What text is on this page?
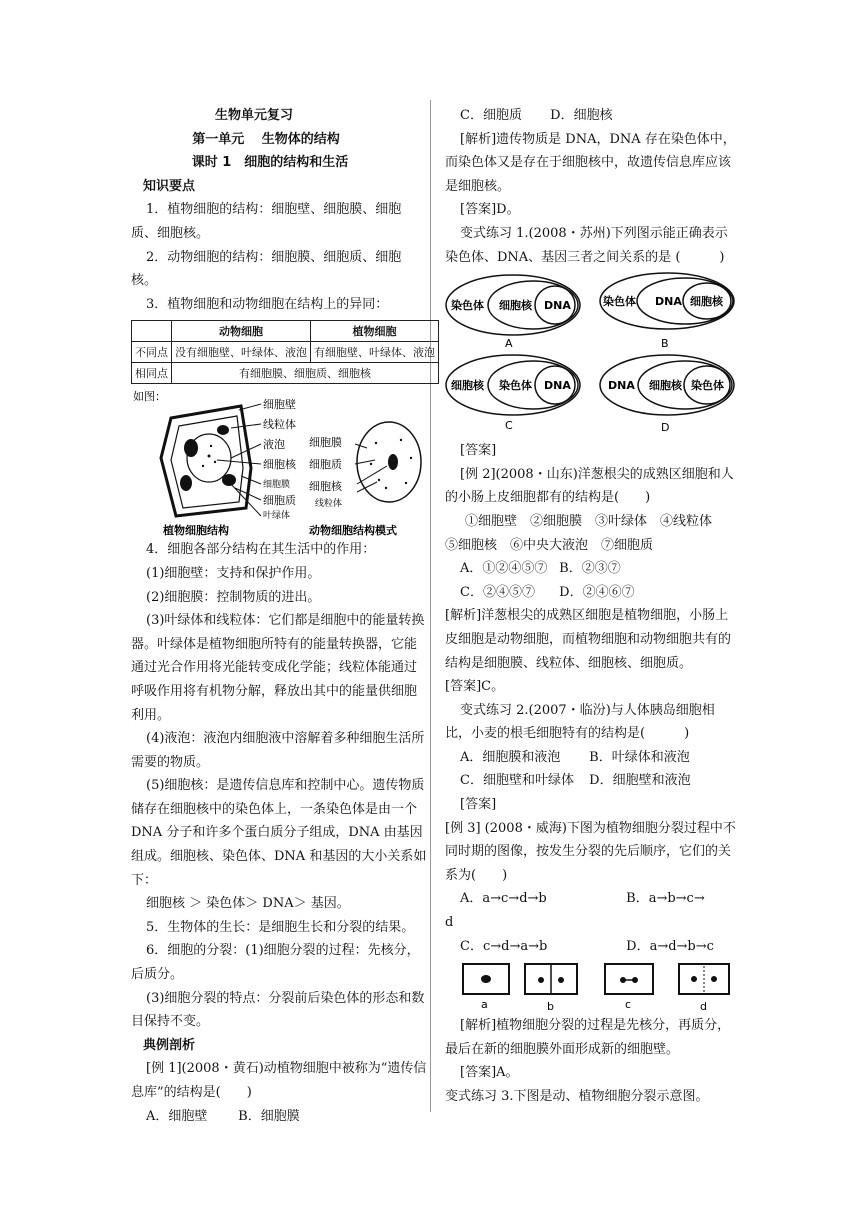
生物单元复习

第一单元　 生物体的结构

课时 1　细胞的结构和生活

知识要点

1．植物细胞的结构：细胞壁、细胞膜、细胞质、细胞核。

2．动物细胞的结构：细胞膜、细胞质、细胞核。

3．植物细胞和动物细胞在结构上的异同：

	动物细胞	植物细胞
不同点	没有细胞壁、叶绿体、液泡	有细胞壁、叶绿体、液泡
相同点	有细胞膜、细胞质、细胞核	
如图：
细胞壁
线粒体
液泡
细胞核
细胞膜
细胞质
叶绿体
植物细胞结构
细胞膜
细胞质
细胞核
线粒体
动物细胞结构模式

4．细胞各部分结构在其生活中的作用：

(1)细胞壁：支持和保护作用。

(2)细胞膜：控制物质的进出。

(3)叶绿体和线粒体：它们都是细胞中的能量转换器。叶绿体是植物细胞所特有的能量转换器，它能通过光合作用将光能转变成化学能；线粒体能通过呼吸作用将有机物分解，释放出其中的能量供细胞利用。

(4)液泡：液泡内细胞液中溶解着多种细胞生活所

需要的物质。

(5)细胞核：是遗传信息库和控制中心。遗传物质储存在细胞核中的染色体上，一条染色体是由一个 DNA 分子和许多个蛋白质分子组成，DNA 由基因组成。细胞核、染色体、DNA 和基因的大小关系如下：

细胞核 ＞ 染色体＞ DNA＞ 基因。

5．生物体的生长：是细胞生长和分裂的结果。

6．细胞的分裂：(1)细胞分裂的过程：先核分，后质分。

(3)细胞分裂的特点：分裂前后染色体的形态和数目保持不变。

典例剖析

[例 1](2008・黄石)动植物细胞中被称为“遗传信息库”的结构是(　　)

A．细胞壁 B．细胞膜

C．细胞质 D．细胞核

[解析]遗传物质是 DNA，DNA 存在染色体中，而染色体又是存在于细胞核中，故遗传信息库应该是细胞核。

[答案]D。

变式练习 1.(2008・苏州)下列图示能正确表示染色体、DNA、基因三者之间关系的是 (　　　)

染色体 细胞核 DNA
A
染色体 DNA 细胞核
B
细胞核 染色体 DNA
C
DNA 细胞核 染色体
D

[答案]

[例 2](2008・山东)洋葱根尖的成熟区细胞和人的小肠上皮细胞都有的结构是(　　)

①细胞壁　②细胞膜　③叶绿体　④线粒体

⑤细胞核　⑥中央大液泡　⑦细胞质

A．①②④⑤⑦ B．②③⑦

C．②④⑤⑦ D．②④⑥⑦

[解析]洋葱根尖的成熟区细胞是植物细胞，小肠上皮细胞是动物细胞，而植物细胞和动物细胞共有的结构是细胞膜、线粒体、细胞核、细胞质。

[答案]C。

变式练习 2.(2007・临汾)与人体胰岛细胞相比，小麦的根毛细胞特有的结构是(　　　)

A．细胞膜和液泡 B．叶绿体和液泡

C．细胞壁和叶绿体 D．细胞壁和液泡

[答案]

[例 3] (2008・威海)下图为植物细胞分裂过程中不同时期的图像，按发生分裂的先后顺序，它们的关系为(　　)

A．a→c→d→b	B．a→b→c→

d

C．c→d→a→b	D．a→d→b→c

a	b	c	d

[解析]植物细胞分裂的过程是先核分，再质分，最后在新的细胞膜外面形成新的细胞壁。

[答案]A。

变式练习 3.下图是动、植物细胞分裂示意图。
